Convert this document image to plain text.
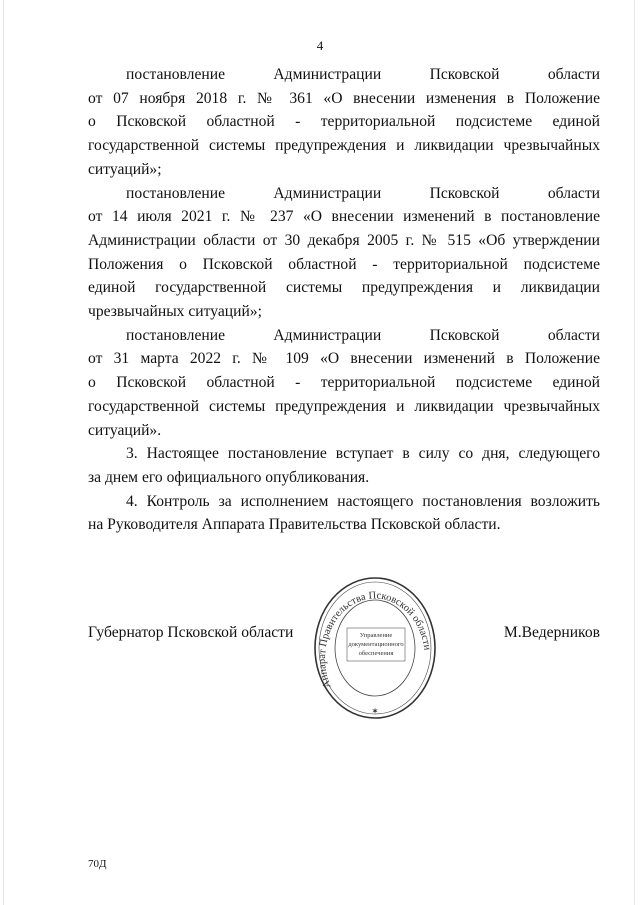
4
постановление Администрации Псковской области
от 07 ноября 2018 г. № 361 «О внесении изменения в Положение
о Псковской областной - территориальной подсистеме единой
государственной системы предупреждения и ликвидации чрезвычайных
ситуаций»;
постановление Администрации Псковской области
от 14 июля 2021 г. № 237 «О внесении изменений в постановление
Администрации области от 30 декабря 2005 г. № 515 «Об утверждении
Положения о Псковской областной - территориальной подсистеме
единой государственной системы предупреждения и ликвидации
чрезвычайных ситуаций»;
постановление Администрации Псковской области
от 31 марта 2022 г. № 109 «О внесении изменений в Положение
о Псковской областной - территориальной подсистеме единой
государственной системы предупреждения и ликвидации чрезвычайных
ситуаций».
3. Настоящее постановление вступает в силу со дня, следующего
за днем его официального опубликования.
4. Контроль за исполнением настоящего постановления возложить
на Руководителя Аппарата Правительства Псковской области.
Аппарат Правительства Псковской области
Управление
документационного
обеспечения
✶
Губернатор Псковской области	М.Ведерников
70Д
